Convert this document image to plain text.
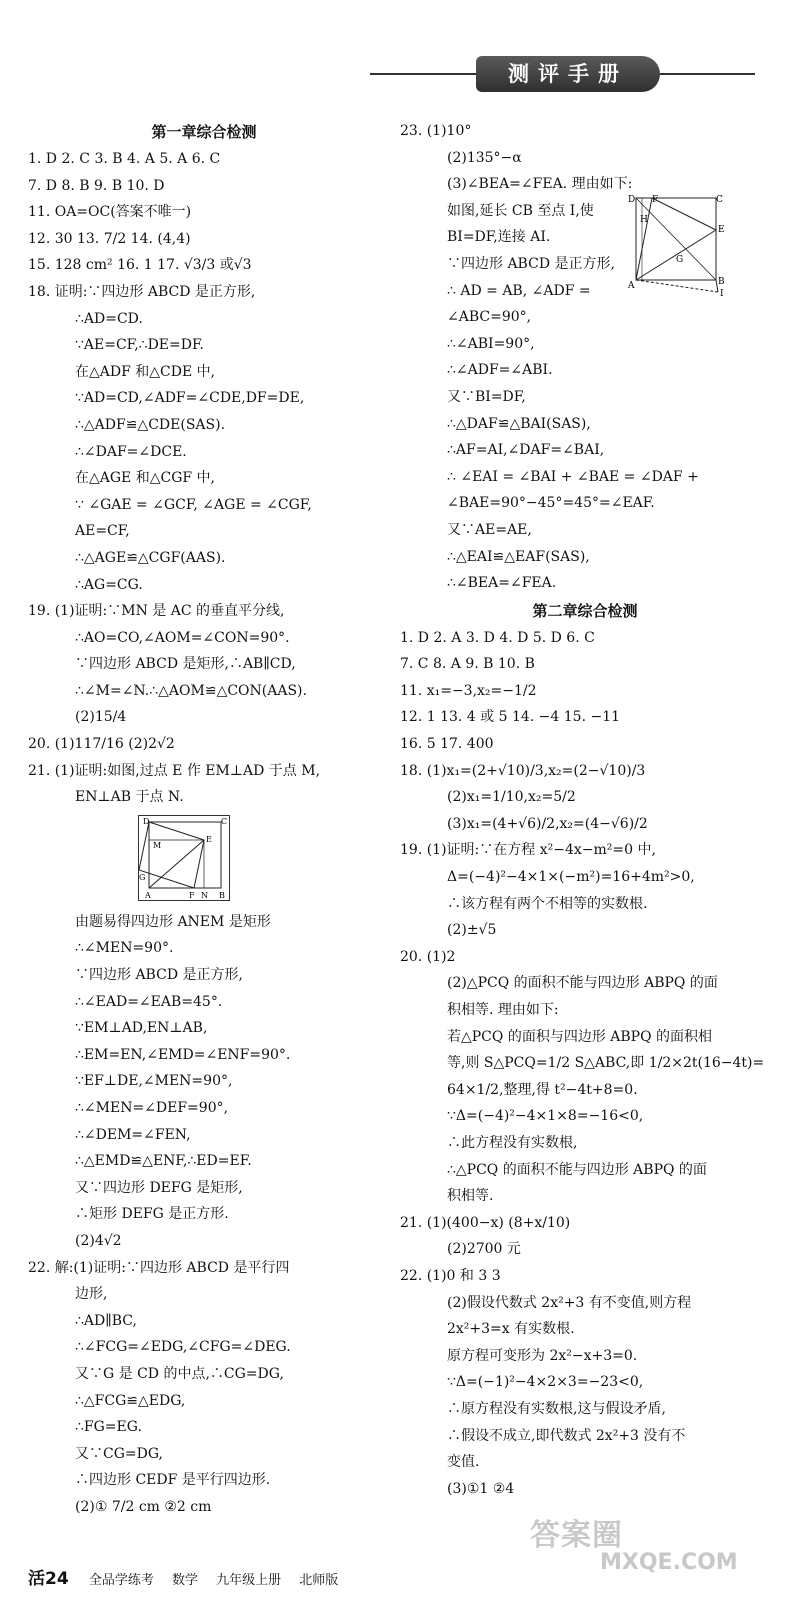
测评手册

第一章综合检测

1. D 2. C 3. B 4. A 5. A 6. C

7. D 8. B 9. B 10. D

11. OA=OC(答案不唯一)

12. 30 13. 7/2 14. (4,4)

15. 128 cm² 16. 1 17. √3/3 或√3

18. 证明:∵四边形 ABCD 是正方形,

∴AD=CD.

∵AE=CF,∴DE=DF.

在△ADF 和△CDE 中,

∵AD=CD,∠ADF=∠CDE,DF=DE,

∴△ADF≌△CDE(SAS).

∴∠DAF=∠DCE.

在△AGE 和△CGF 中,

∵ ∠GAE = ∠GCF, ∠AGE = ∠CGF,

AE=CF,

∴△AGE≌△CGF(AAS).

∴AG=CG.

19. (1)证明:∵MN 是 AC 的垂直平分线,

∴AO=CO,∠AOM=∠CON=90°.

∵四边形 ABCD 是矩形,∴AB∥CD,

∴∠M=∠N.∴△AOM≌△CON(AAS).

(2)15/4

20. (1)117/16 (2)2√2

21. (1)证明:如图,过点 E 作 EM⊥AD 于点 M,

EN⊥AB 于点 N.

D	C
M
E
G
A	F N B

由题易得四边形 ANEM 是矩形

∴∠MEN=90°.

∵四边形 ABCD 是正方形,

∴∠EAD=∠EAB=45°.

∵EM⊥AD,EN⊥AB,

∴EM=EN,∠EMD=∠ENF=90°.

∵EF⊥DE,∠MEN=90°,

∴∠MEN=∠DEF=90°,

∴∠DEM=∠FEN,

∴△EMD≌△ENF,∴ED=EF.

又∵四边形 DEFG 是矩形,

∴矩形 DEFG 是正方形.

(2)4√2

22. 解:(1)证明:∵四边形 ABCD 是平行四

边形,

∴AD∥BC,

∴∠FCG=∠EDG,∠CFG=∠DEG.

又∵G 是 CD 的中点,∴CG=DG,

∴△FCG≌△EDG,

∴FG=EG.

又∵CG=DG,

∴四边形 CEDF 是平行四边形.

(2)① 7/2 cm ②2 cm

23. (1)10°

(2)135°−α

(3)∠BEA=∠FEA. 理由如下:

如图,延长 CB 至点 I,使

BI=DF,连接 AI.

∵四边形 ABCD 是正方形,

∴ AD = AB, ∠ADF =

∠ABC=90°,

∴∠ABI=90°,

∴∠ADF=∠ABI.

又∵BI=DF,

∴△DAF≌△BAI(SAS),

∴AF=AI,∠DAF=∠BAI,

∴ ∠EAI = ∠BAI + ∠BAE = ∠DAF +

∠BAE=90°−45°=45°=∠EAF.

又∵AE=AE,

∴△EAI≌△EAF(SAS),

∴∠BEA=∠FEA.

第二章综合检测

1. D 2. A 3. D 4. D 5. D 6. C

7. C 8. A 9. B 10. B

11. x₁=−3,x₂=−1/2

12. 1 13. 4 或 5 14. −4 15. −11

16. 5 17. 400

18. (1)x₁=(2+√10)/3,x₂=(2−√10)/3

(2)x₁=1/10,x₂=5/2

(3)x₁=(4+√6)/2,x₂=(4−√6)/2

19. (1)证明:∵在方程 x²−4x−m²=0 中,

Δ=(−4)²−4×1×(−m²)=16+4m²>0,

∴该方程有两个不相等的实数根.

(2)±√5

20. (1)2

(2)△PCQ 的面积不能与四边形 ABPQ 的面

积相等. 理由如下:

若△PCQ 的面积与四边形 ABPQ 的面积相

等,则 S△PCQ=1/2 S△ABC,即 1/2×2t(16−4t)=

64×1/2,整理,得 t²−4t+8=0.

∵Δ=(−4)²−4×1×8=−16<0,

∴此方程没有实数根,

∴△PCQ 的面积不能与四边形 ABPQ 的面

积相等.

21. (1)(400−x) (8+x/10)

(2)2700 元

22. (1)0 和 3 3

(2)假设代数式 2x²+3 有不变值,则方程

2x²+3=x 有实数根.

原方程可变形为 2x²−x+3=0.

∵Δ=(−1)²−4×2×3=−23<0,

∴原方程没有实数根,这与假设矛盾,

∴假设不成立,即代数式 2x²+3 没有不

变值.

(3)①1 ②4

D F	C
H
E
G
A	B
I
答案圈
MXQE.COM
活24 全品学练考 数学 九年级上册 北师版
